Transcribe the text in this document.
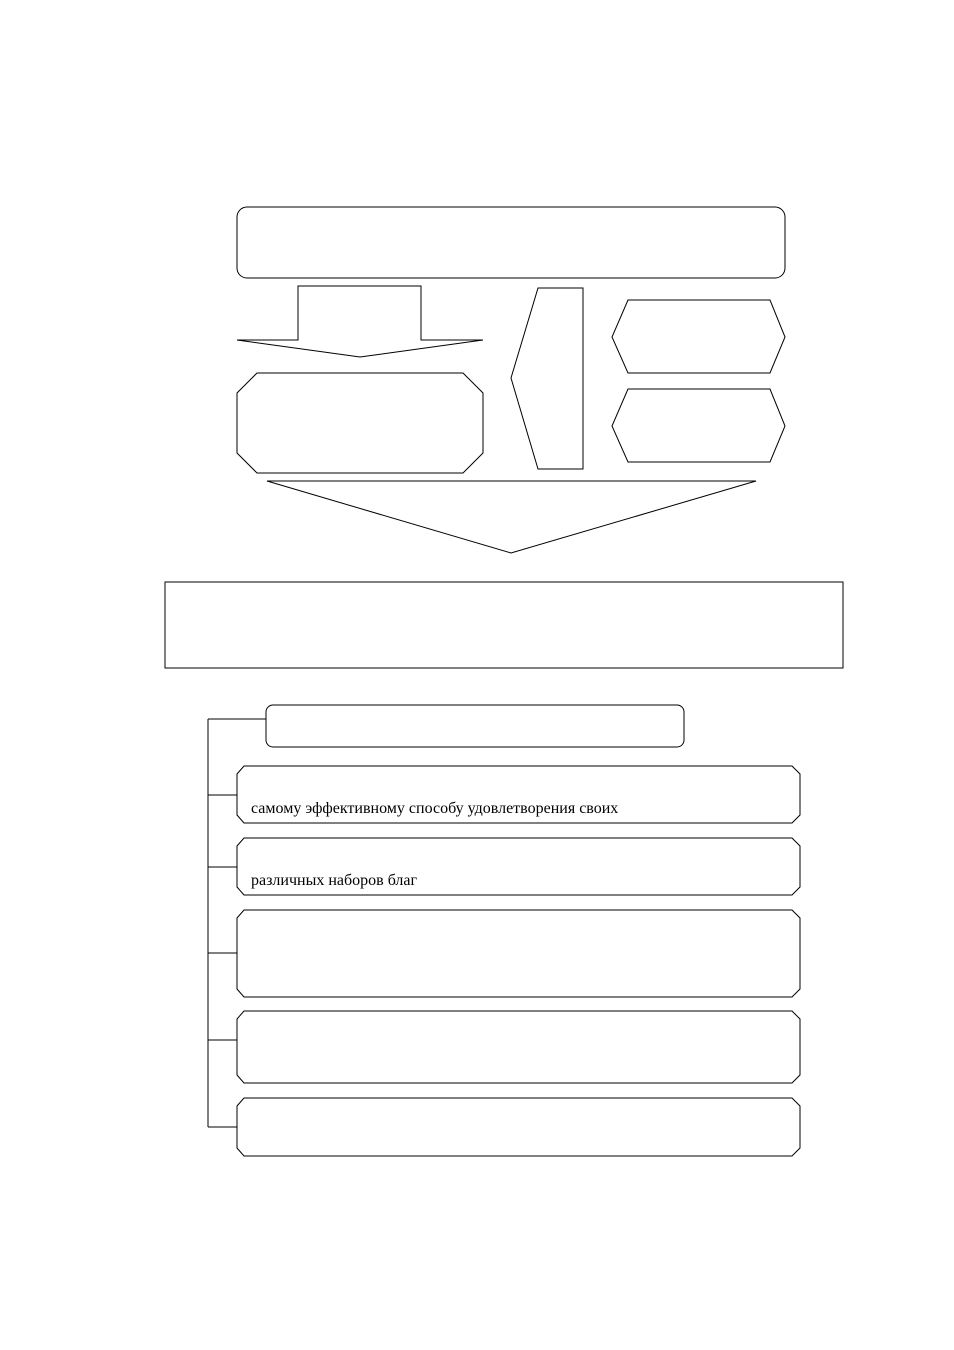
самому эффективному способу удовлетворения своих
различных наборов благ
